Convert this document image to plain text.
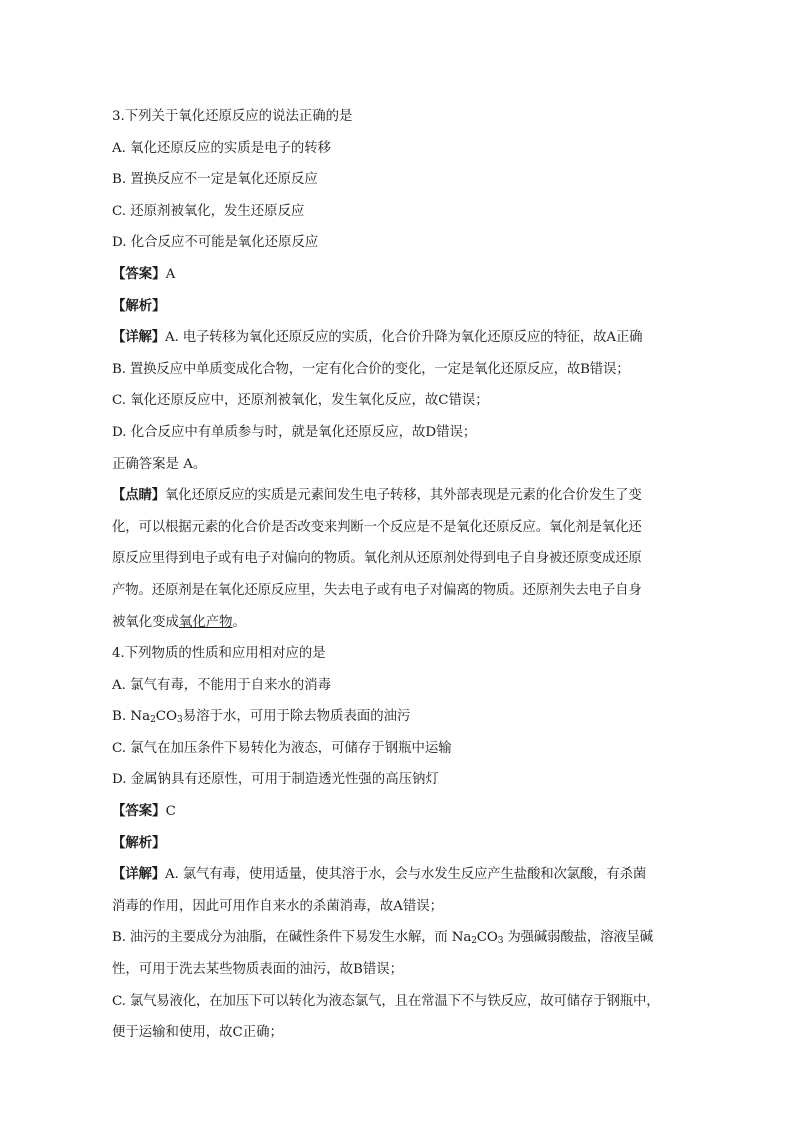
3.下列关于氧化还原反应的说法正确的是
A. 氧化还原反应的实质是电子的转移
B. 置换反应不一定是氧化还原反应
C. 还原剂被氧化，发生还原反应
D. 化合反应不可能是氧化还原反应
【答案】A
【解析】
【详解】A. 电子转移为氧化还原反应的实质，化合价升降为氧化还原反应的特征，故A正确
B. 置换反应中单质变成化合物，一定有化合价的变化，一定是氧化还原反应，故B错误；
C. 氧化还原反应中，还原剂被氧化，发生氧化反应，故C错误；
D. 化合反应中有单质参与时，就是氧化还原反应，故D错误；
正确答案是 A。
【点睛】氧化还原反应的实质是元素间发生电子转移，其外部表现是元素的化合价发生了变
化，可以根据元素的化合价是否改变来判断一个反应是不是氧化还原反应。氧化剂是氧化还
原反应里得到电子或有电子对偏向的物质。氧化剂从还原剂处得到电子自身被还原变成还原
产物。还原剂是在氧化还原反应里，失去电子或有电子对偏离的物质。还原剂失去电子自身
被氧化变成氧化产物。
4.下列物质的性质和应用相对应的是
A. 氯气有毒，不能用于自来水的消毒
B. $Na_2CO_3$易溶于水，可用于除去物质表面的油污
C. 氯气在加压条件下易转化为液态，可储存于钢瓶中运输
D. 金属钠具有还原性，可用于制造透光性强的高压钠灯
【答案】C
【解析】
【详解】A. 氯气有毒，使用适量，使其溶于水，会与水发生反应产生盐酸和次氯酸，有杀菌
消毒的作用，因此可用作自来水的杀菌消毒，故A错误；
B. 油污的主要成分为油脂，在碱性条件下易发生水解，而 $Na_2CO_3$ 为强碱弱酸盐，溶液呈碱
性，可用于洗去某些物质表面的油污，故B错误；
C. 氯气易液化，在加压下可以转化为液态氯气，且在常温下不与铁反应，故可储存于钢瓶中，
便于运输和使用，故C正确；
